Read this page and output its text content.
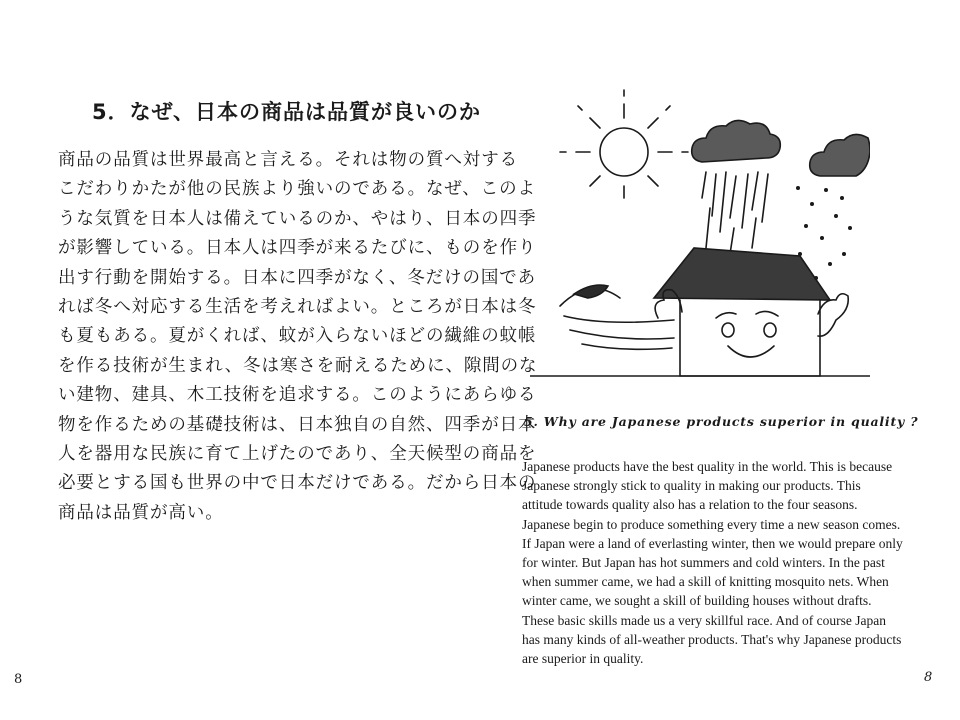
5．なぜ、日本の商品は品質が良いのか
商品の品質は世界最高と言える。それは物の質へ対する
こだわりかたが他の民族より強いのである。なぜ、このよ
うな気質を日本人は備えているのか、やはり、日本の四季
が影響している。日本人は四季が来るたびに、ものを作り
出す行動を開始する。日本に四季がなく、冬だけの国であ
れば冬へ対応する生活を考えればよい。ところが日本は冬
も夏もある。夏がくれば、蚊が入らないほどの繊維の蚊帳
を作る技術が生まれ、冬は寒さを耐えるために、隙間のな
い建物、建具、木工技術を追求する。このようにあらゆる
物を作るための基礎技術は、日本独自の自然、四季が日本
人を器用な民族に育て上げたのであり、全天候型の商品を
必要とする国も世界の中で日本だけである。だから日本の
商品は品質が高い。
8
5. Why are Japanese products superior in quality ?
Japanese products have the best quality in the world. This is because
Japanese strongly stick to quality in making our products. This
attitude towards quality also has a relation to the four seasons.
Japanese begin to produce something every time a new season comes.
If Japan were a land of everlasting winter, then we would prepare only
for winter. But Japan has hot summers and cold winters. In the past
when summer came, we had a skill of knitting mosquito nets. When
winter came, we sought a skill of building houses without drafts.
These basic skills made us a very skillful race. And of course Japan
has many kinds of all-weather products. That's why Japanese products
are superior in quality.
8
